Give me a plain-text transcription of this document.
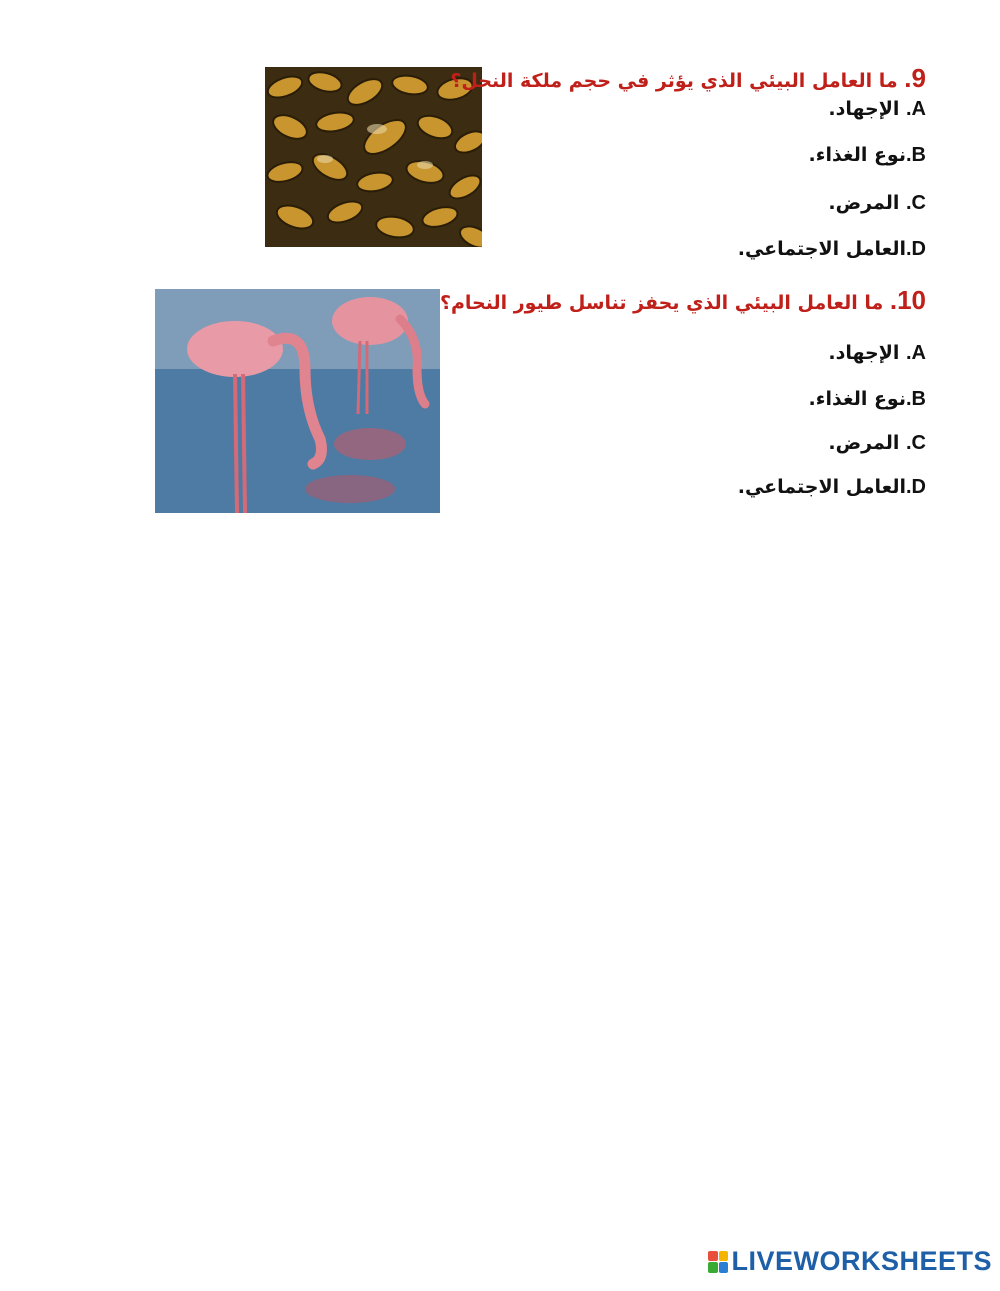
9. ما العامل البيئي الذي يؤثر في حجم ملكة النحل؟
A. الإجهاد.
B.نوع الغذاء.
C. المرض.
D.العامل الاجتماعي.
10. ما العامل البيئي الذي يحفز تناسل طيور النحام؟
A. الإجهاد.
B.نوع الغذاء.
C. المرض.
D.العامل الاجتماعي.
LIVEWORKSHEETS
